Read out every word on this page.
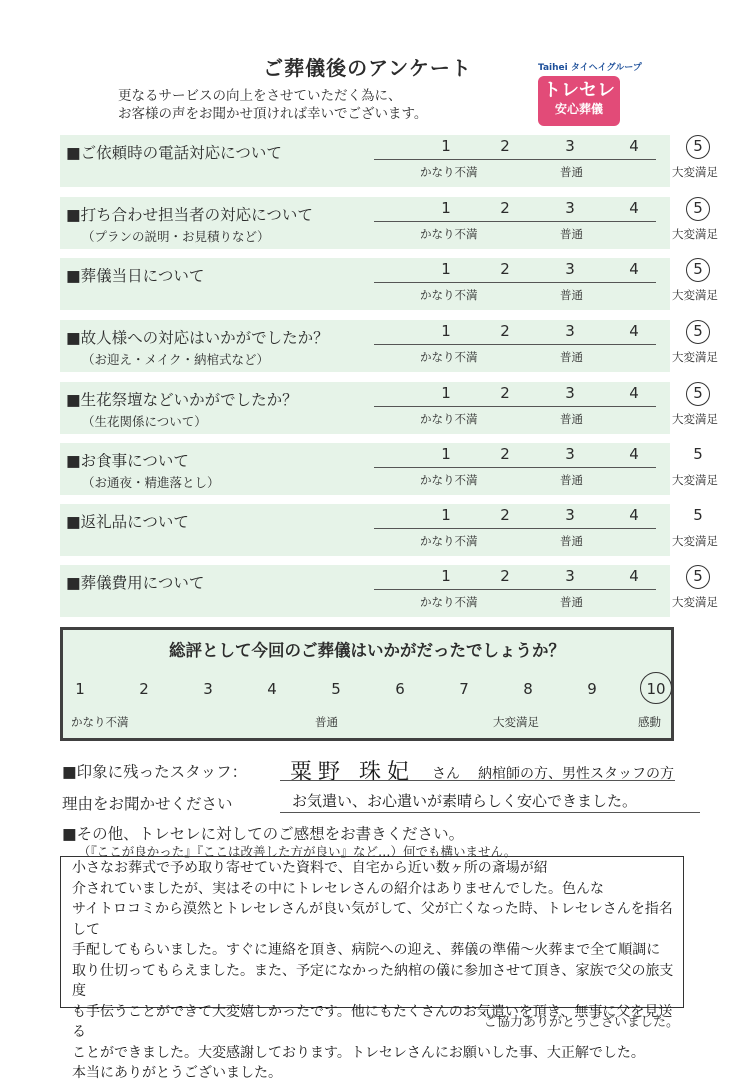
ご葬儀後のアンケート
更なるサービスの向上をさせていただく為に、
お客様の声をお聞かせ頂ければ幸いでございます。
Taihei タイヘイグループ
トレセレ
安心葬儀
■ご依頼時の電話対応について	1	2	3	4	5
かなり不満	普通	大変満足
■打ち合わせ担当者の対応について
（プランの説明・お見積りなど）
1	2	3	4	5
かなり不満	普通	大変満足
■葬儀当日について	1	2	3	4	5
かなり不満	普通	大変満足
■故人様への対応はいかがでしたか？
（お迎え・メイク・納棺式など）
1	2	3	4	5
かなり不満	普通	大変満足
■生花祭壇などいかがでしたか？
（生花関係について）
1	2	3	4	5
かなり不満	普通	大変満足
■お食事について
（お通夜・精進落とし）
1	2	3	4	5
かなり不満	普通	大変満足
■返礼品について	1	2	3	4	5
かなり不満	普通	大変満足
■葬儀費用について	1	2	3	4	5
かなり不満	普通	大変満足
総評として今回のご葬儀はいかがだったでしょうか？
1	2	3	4	5	6	7	8	9	10
かなり不満	普通	大変満足	感動
■印象に残ったスタッフ： 粟野 珠妃 さん 納棺師の方、男性スタッフの方
理由をお聞かせください	お気遣い、お心遣いが素晴らしく安心できました。
■その他、トレセレに対してのご感想をお書きください。
（『ここが良かった』『ここは改善した方が良い』など…）何でも構いません。
小さなお葬式で予め取り寄せていた資料で、自宅から近い数ヶ所の斎場が紹
介されていましたが、実はその中にトレセレさんの紹介はありませんでした。色んな
サイトロコミから漠然とトレセレさんが良い気がして、父が亡くなった時、トレセレさんを指名して
手配してもらいました。すぐに連絡を頂き、病院への迎え、葬儀の準備～火葬まで全て順調に
取り仕切ってもらえました。また、予定になかった納棺の儀に参加させて頂き、家族で父の旅支度
も手伝うことができて大変嬉しかったです。他にもたくさんのお気遣いを頂き、無事に父を見送る
ことができました。大変感謝しております。トレセレさんにお願いした事、大正解でした。
本当にありがとうございました。
ご協力ありがとうございました。
